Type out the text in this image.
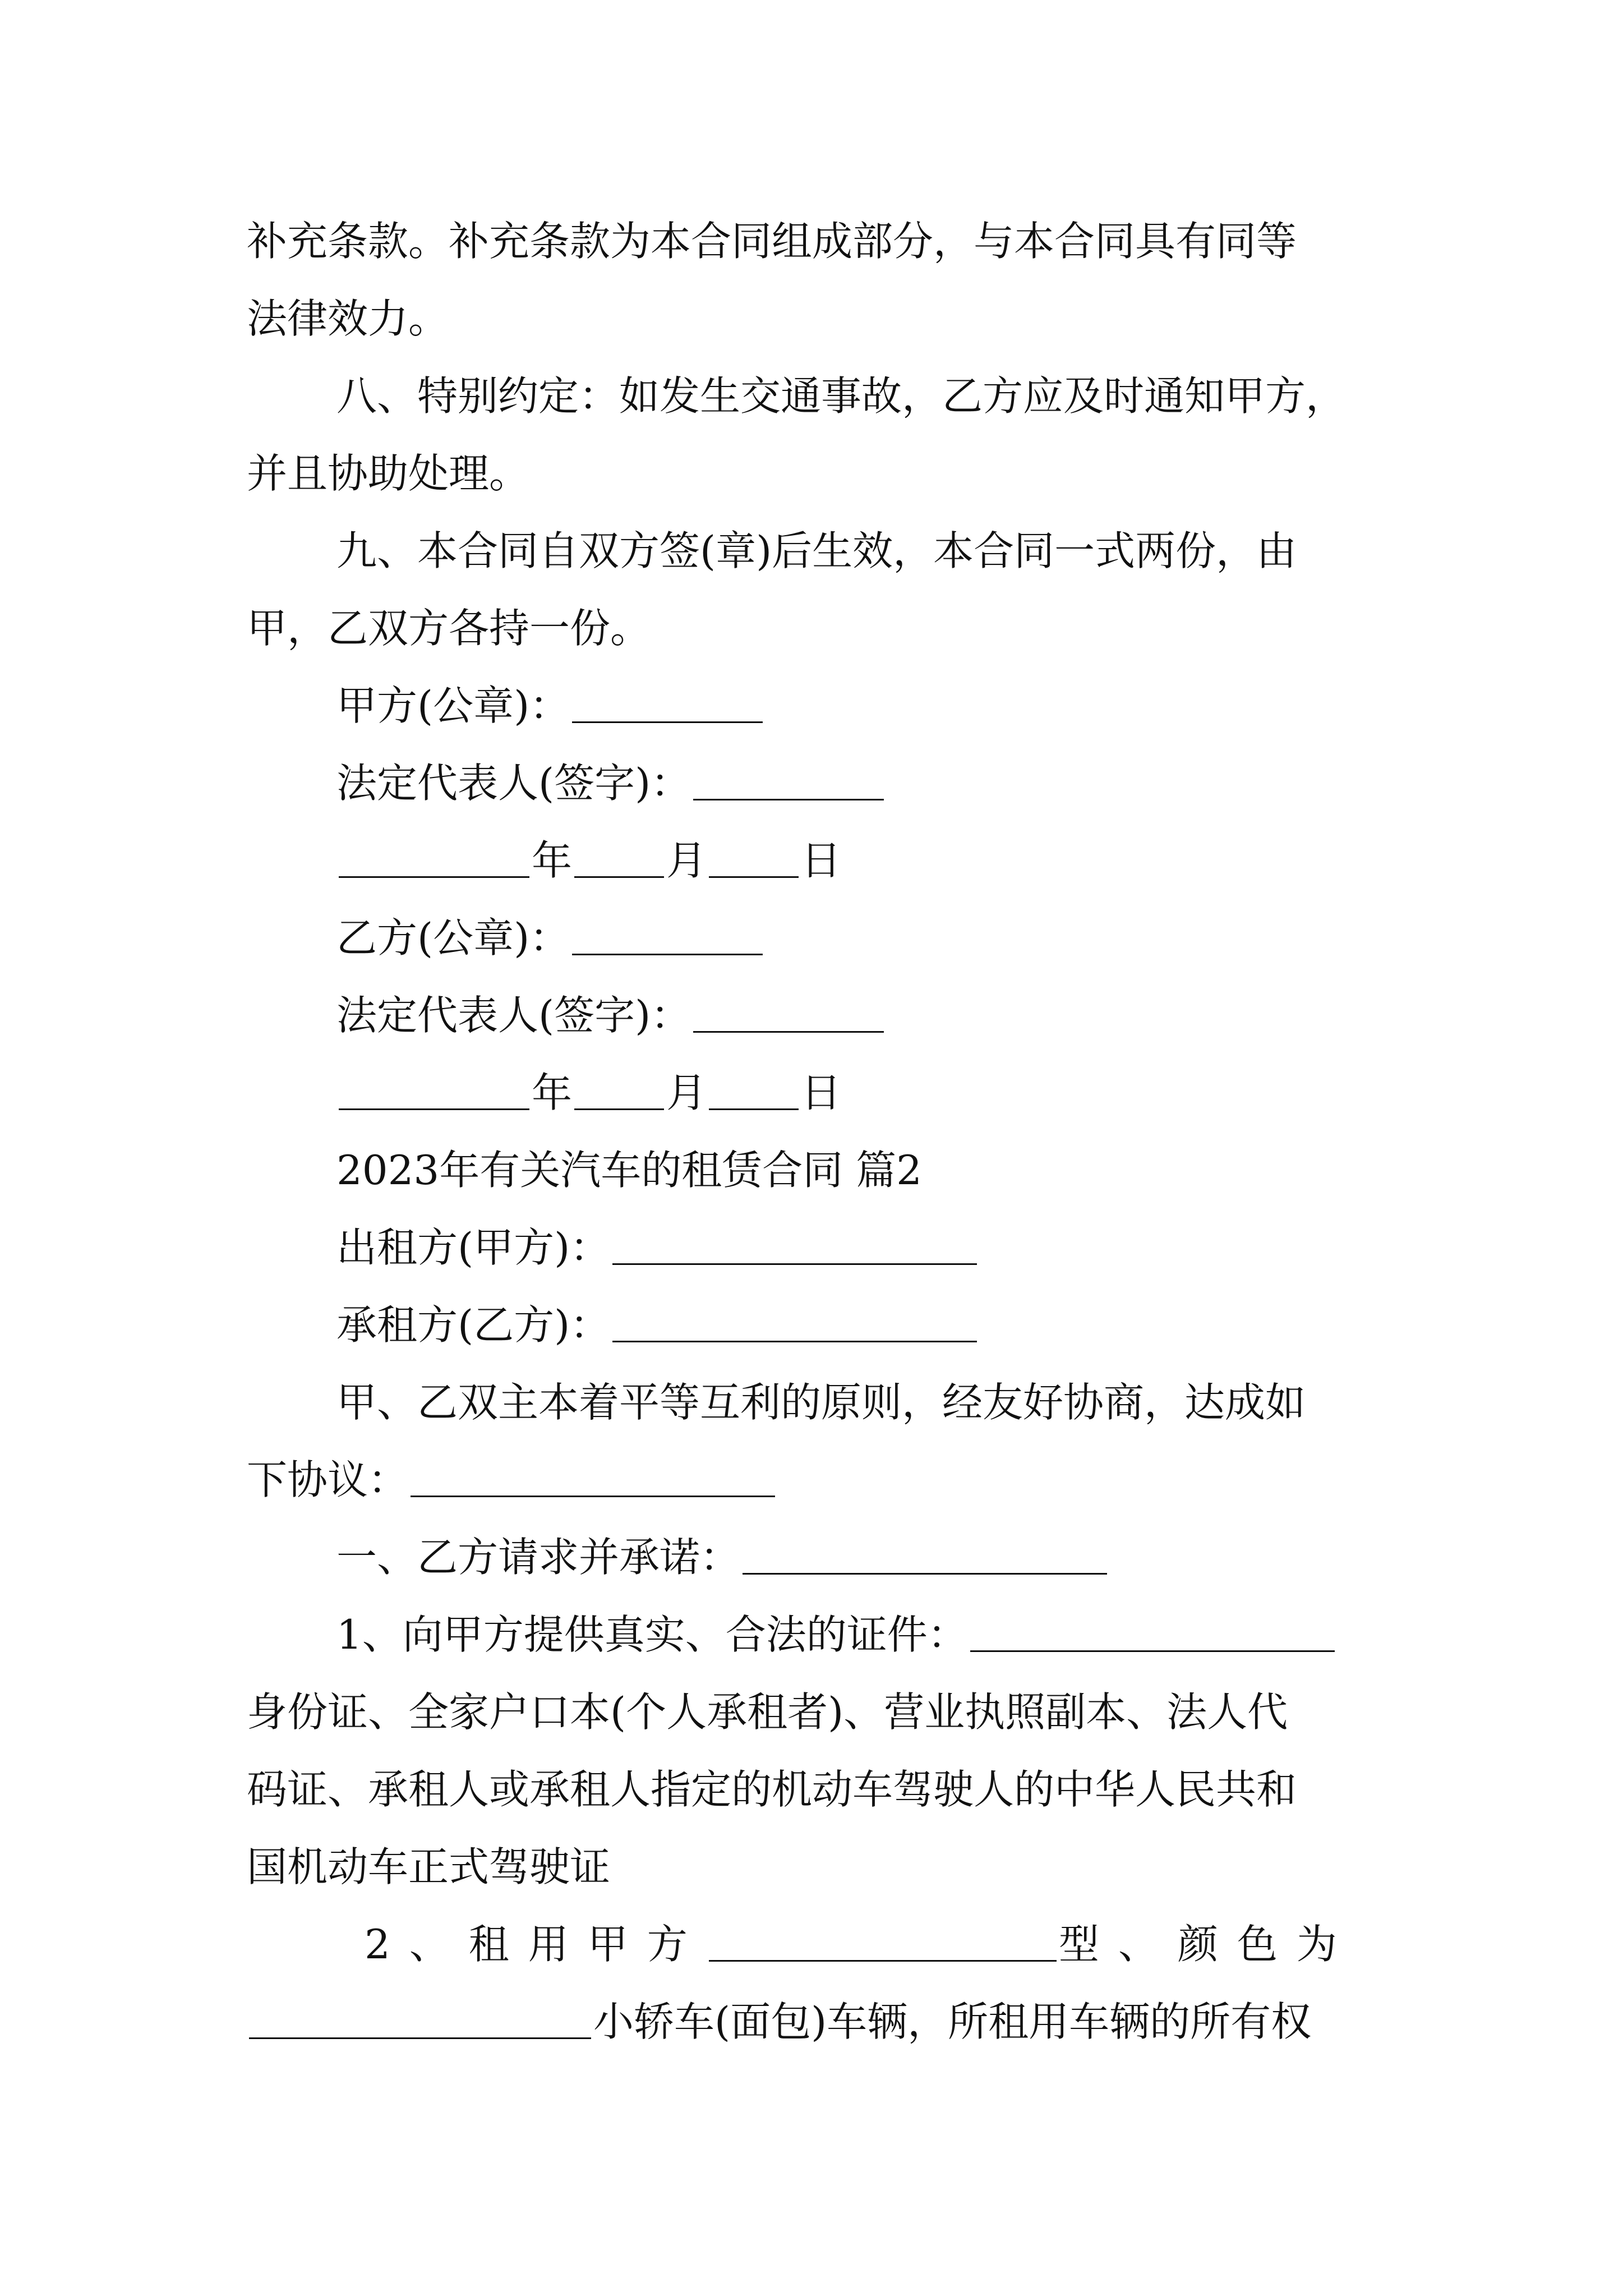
补充条款。补充条款为本合同组成部分，与本合同具有同等
法律效力。
八、特别约定：如发生交通事故，乙方应及时通知甲方，
并且协助处理。
九、本合同自双方签(章)后生效，本合同一式两份，由
甲，乙双方各持一份。
甲方(公章)：
法定代表人(签字)：
年 月 日
乙方(公章)：
法定代表人(签字)：
年 月 日
2023年有关汽车的租赁合同 篇2
出租方(甲方)：
承租方(乙方)：
甲、乙双主本着平等互利的原则，经友好协商，达成如
下协议：
一、乙方请求并承诺：
1、向甲方提供真实、合法的证件：
身份证、全家户口本(个人承租者)、营业执照副本、法人代
码证、承租人或承租人指定的机动车驾驶人的中华人民共和
国机动车正式驾驶证
2、租用甲方	型、颜色为
小轿车(面包)车辆，所租用车辆的所有权
